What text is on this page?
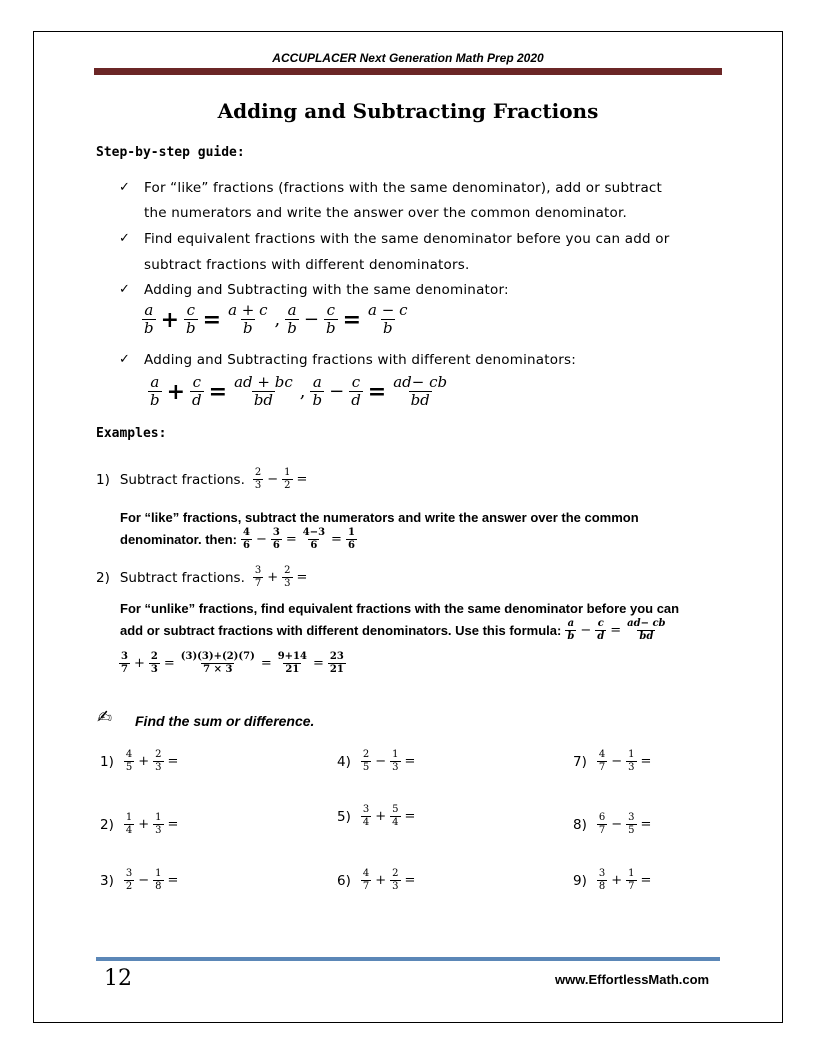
ACCUPLACER Next Generation Math Prep 2020
Adding and Subtracting Fractions
Step-by-step guide:
✓ For “like” fractions (fractions with the same denominator), add or subtract
the numerators and write the answer over the common denominator.
✓ Find equivalent fractions with the same denominator before you can add or
subtract fractions with different denominators.
✓ Adding and Subtracting with the same denominator:
$\frac{a}{b} + \frac{c}{b} = \frac{a + c}{b}$ , $\frac{a}{b} - \frac{c}{b} = \frac{a - c}{b}$
✓ Adding and Subtracting fractions with different denominators:
$\frac{a}{b} + \frac{c}{d} = \frac{ad + bc}{bd}$ , $\frac{a}{b} - \frac{c}{d} = \frac{ad- cb}{bd}$
Examples:
1) Subtract fractions. $\frac{2}{3} - \frac{1}{2}$ =
For “like” fractions, subtract the numerators and write the answer over the common
denominator. then: $\frac{4}{6} - \frac{3}{6} = \frac{4-3}{6} = \frac{1}{6}$
2) Subtract fractions. $\frac{3}{7} + \frac{2}{3}$ =
For “unlike” fractions, find equivalent fractions with the same denominator before you can
add or subtract fractions with different denominators. Use this formula: $\frac{a}{b} - \frac{c}{d} = \frac{ad- cb}{bd}$
$\frac{3}{7} + \frac{2}{3} = \frac{(3)(3)+(2)(7)}{7 \times 3} = \frac{9+14}{21} = \frac{23}{21}$
✍ Find the sum or difference.
$1) \frac{4}{5} + \frac{2}{3}$ =
$2) \frac{1}{4} + \frac{1}{3}$ =
$3) \frac{3}{2} - \frac{1}{8}$ =
$4) \frac{2}{5} - \frac{1}{3}$ =
$5) \frac{3}{4} + \frac{5}{4}$ =
$6) \frac{4}{7} + \frac{2}{3}$ =
$7) \frac{4}{7} - \frac{1}{3}$ =
$8) \frac{6}{7} - \frac{3}{5}$ =
$9) \frac{3}{8} + \frac{1}{7}$ =
12	www.EffortlessMath.com
